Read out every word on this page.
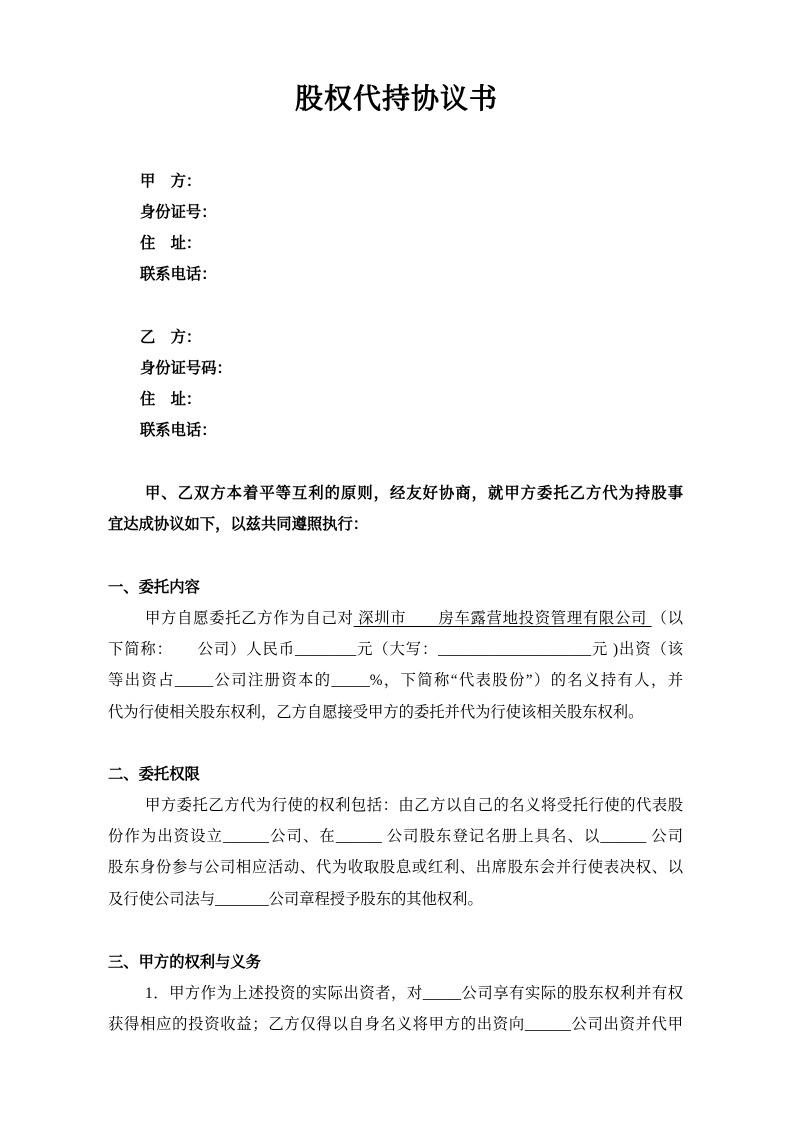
股权代持协议书
甲　方：
身份证号：
住　址：
联系电话：
乙　方：
身份证号码：
住　址：
联系电话：
甲、乙双方本着平等互利的原则，经友好协商，就甲方委托乙方代为持股事
宜达成协议如下，以兹共同遵照执行：
一、委托内容
甲方自愿委托乙方作为自己对 深圳市　　房车露营地投资管理有限公司 （以
下简称：　　公司）人民币________元（大写：____________________元 )出资（该
等出资占_____公司注册资本的_____%，下简称“代表股份”）的名义持有人，并
代为行使相关股东权利，乙方自愿接受甲方的委托并代为行使该相关股东权利。
二、委托权限
甲方委托乙方代为行使的权利包括：由乙方以自己的名义将受托行使的代表股
份作为出资设立______公司、在______ 公司股东登记名册上具名、以______ 公司
股东身份参与公司相应活动、代为收取股息或红利、出席股东会并行使表决权、以
及行使公司法与_______公司章程授予股东的其他权利。
三、甲方的权利与义务
1．甲方作为上述投资的实际出资者，对_____公司享有实际的股东权利并有权
获得相应的投资收益；乙方仅得以自身名义将甲方的出资向______公司出资并代甲
